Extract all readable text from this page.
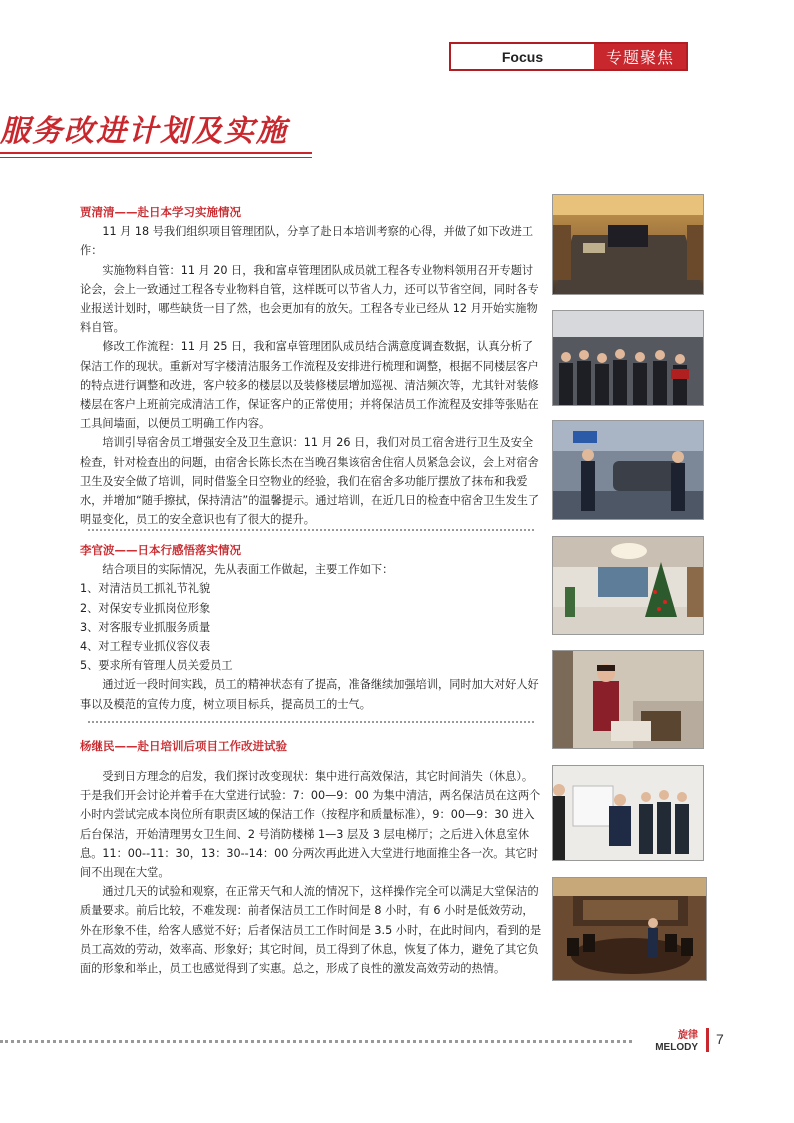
Focus	专题聚焦
服务改进计划及实施

贾清清——赴日本学习实施情况

11 月 18 号我们组织项目管理团队，分享了赴日本培训考察的心得，并做了如下改进工作：

实施物料自管：11 月 20 日，我和富卓管理团队成员就工程各专业物料领用召开专题讨论会，会上一致通过工程各专业物料自管，这样既可以节省人力，还可以节省空间，同时各专业报送计划时，哪些缺货一目了然，也会更加有的放矢。工程各专业已经从 12 月开始实施物料自管。

修改工作流程：11 月 25 日，我和富卓管理团队成员结合满意度调查数据，认真分析了保洁工作的现状。重新对写字楼清洁服务工作流程及安排进行梳理和调整，根据不同楼层客户的特点进行调整和改进，客户较多的楼层以及装修楼层增加巡视、清洁频次等，尤其针对装修楼层在客户上班前完成清洁工作，保证客户的正常使用；并将保洁员工作流程及安排等张贴在工具间墙面，以便员工明确工作内容。

培训引导宿舍员工增强安全及卫生意识：11 月 26 日，我们对员工宿舍进行卫生及安全检查，针对检查出的问题，由宿舍长陈长杰在当晚召集该宿舍住宿人员紧急会议，会上对宿舍卫生及安全做了培训，同时借鉴全日空物业的经验，我们在宿舍多功能厅摆放了抹布和我爱水，并增加“随手擦拭，保持清洁”的温馨提示。通过培训，在近几日的检查中宿舍卫生发生了明显变化，员工的安全意识也有了很大的提升。

李官波——日本行感悟落实情况

结合项目的实际情况，先从表面工作做起，主要工作如下：

1、对清洁员工抓礼节礼貌

2、对保安专业抓岗位形象

3、对客服专业抓服务质量

4、对工程专业抓仪容仪表

5、要求所有管理人员关爱员工

通过近一段时间实践，员工的精神状态有了提高，准备继续加强培训，同时加大对好人好事以及模范的宣传力度，树立项目标兵，提高员工的士气。

杨继民——赴日培训后项目工作改进试验

受到日方理念的启发，我们探讨改变现状：集中进行高效保洁，其它时间消失（休息）。于是我们开会讨论并着手在大堂进行试验：7：00—9：00 为集中清洁，两名保洁员在这两个小时内尝试完成本岗位所有职责区域的保洁工作（按程序和质量标准），9：00—9：30 进入后台保洁，开始清理男女卫生间、2 号消防楼梯 1—3 层及 3 层电梯厅；之后进入休息室休息。11：00--11：30，13：30--14：00 分两次再此进入大堂进行地面推尘各一次。其它时间不出现在大堂。

通过几天的试验和观察，在正常天气和人流的情况下，这样操作完全可以满足大堂保洁的质量要求。前后比较，不难发现：前者保洁员工工作时间是 8 小时，有 6 小时是低效劳动，外在形象不佳，给客人感觉不好；后者保洁员工工作时间是 3.5 小时，在此时间内，看到的是员工高效的劳动，效率高、形象好；其它时间，员工得到了休息，恢复了体力，避免了其它负面的形象和举止，员工也感觉得到了实惠。总之，形成了良性的激发高效劳动的热情。

旋律
MELODY
7
